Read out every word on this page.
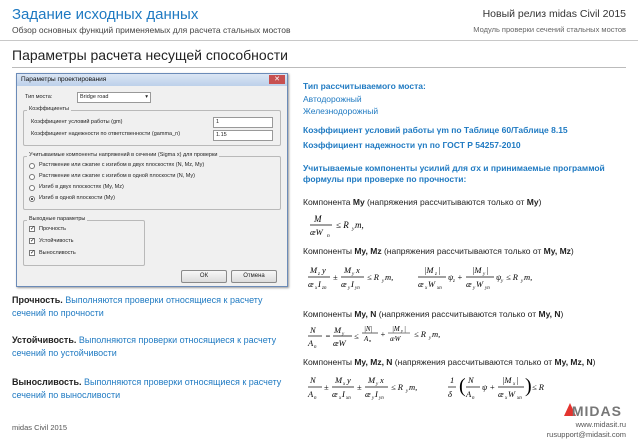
Задание исходных данных
Обзор основных функций применяемых для расчета стальных мостов
Новый релиз midas Civil 2015
Модуль проверки сечений стальных мостов
Параметры расчета несущей способности
Параметры проектирования	✕
Тип моста:	Bridge road	▾
Коэффициенты
Коэффициент условий работы (gm)	1
Коэффициент надежности по ответственности (gamma_n)	1.15
Учитываемые компоненты напряжений в сечении (Sigma x) для проверки
Растяжение или сжатие с изгибом в двух плоскостях (N, Mz, My)
Растяжение или сжатие с изгибом в одной плоскости (N, My)
Изгиб в двух плоскостях (My, Mz)
Изгиб в одной плоскости (My)
Выходные параметры
✓ Прочность
✓ Устойчивость
✓ Выносливость
ОК	Отмена
Прочность. Выполняются проверки относящиеся к расчету сечений по прочности
Устойчивость. Выполняются проверки относящиеся к расчету сечений по устойчивости
Выносливость. Выполняются проверки относящиеся к расчету сечений по выносливости
Тип рассчитываемого моста:
Автодорожный
Железнодорожный
Коэффициент условий работы γm по Таблице 60/Таблице 8.15
Коэффициент надежности γn по ГОСТ Р 54257-2010
Учитываемые компоненты усилий для σx и принимаемые программой формулы при проверке по прочности:
Компонента My (напряжения рассчитываются только от My)
M
æW n
≤ R y m,
Компоненты My, Mz (напряжения рассчитываются только от My, Mz)
M z y
æ x I zn
±
M y x
æ y I yn
≤ R y m,
|M z |
æ x W xn
ψ z +
|M y |
æ y W yn
ψ y ≤ R y m,
Компоненты My, N (напряжения рассчитываются только от My, N)
N
A n
=
M y
æW
≤
|N|
A n
+ |M y |
æW ≤ R y m,
Компоненты My, Mz, N (напряжения рассчитываются только от My, Mz, N)
N
A n
±
M x y
æ x I xn
±
M y x
æ y I yn
≤ R y m,
1
δ ( N
A n
ψ +
|M x |
æ x W xn
) ≤ R
midas Civil 2015
MIDAS
www.midasit.ru
rusupport@midasit.com
